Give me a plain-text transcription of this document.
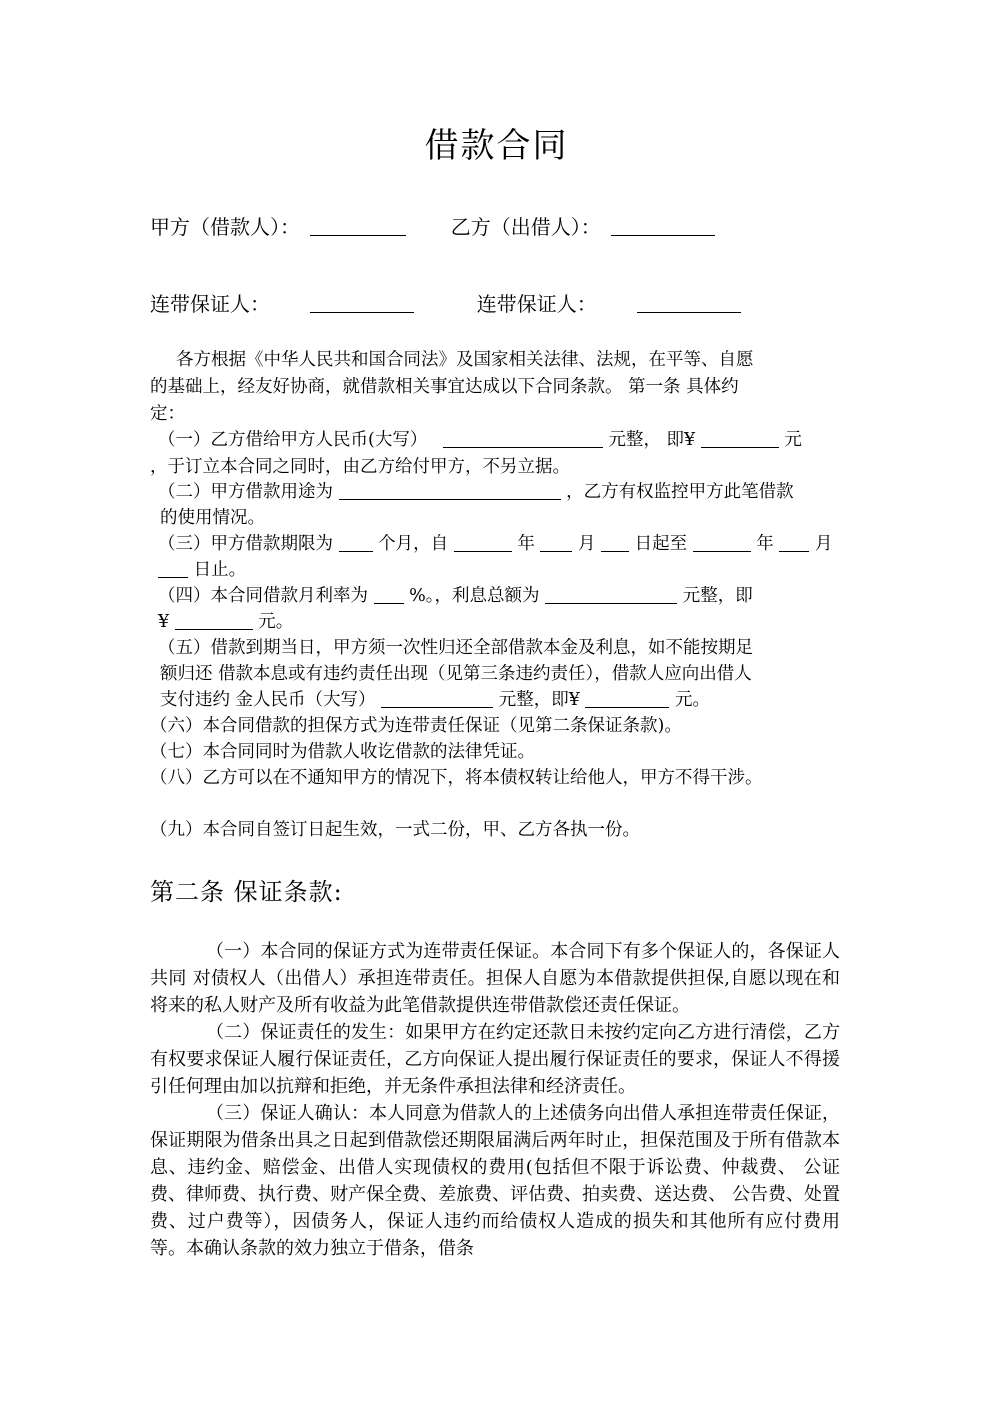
借款合同
甲方（借款人）：	乙方（出借人）：
连带保证人：	连带保证人：
各方根据《中华人民共和国合同法》及国家相关法律、法规，在平等、自愿
的基础上，经友好协商，就借款相关事宜达成以下合同条款。 第一条 具体约
定：
（一）乙方借给甲方人民币(大写）	元整， 即¥	元
，于订立本合同之同时，由乙方给付甲方，不另立据。
（二）甲方借款用途为	，乙方有权监控甲方此笔借款
的使用情况。
（三）甲方借款期限为	个月，自	年 月 日起至	年 月
日止。
（四）本合同借款月利率为 %。，利息总额为	元整，即
¥	元。
（五）借款到期当日，甲方须一次性归还全部借款本金及利息，如不能按期足
额归还 借款本息或有违约责任出现（见第三条违约责任），借款人应向出借人
支付违约 金人民币（大写）	元整，即¥	元。
（六）本合同借款的担保方式为连带责任保证（见第二条保证条款)。
（七）本合同同时为借款人收讫借款的法律凭证。
（八）乙方可以在不通知甲方的情况下，将本债权转让给他人，甲方不得干涉。
（九）本合同自签订日起生效，一式二份，甲、乙方各执一份。
第二条 保证条款:

（一）本合同的保证方式为连带责任保证。本合同下有多个保证人的，各保证人共同 对债权人（出借人）承担连带责任。担保人自愿为本借款提供担保,自愿以现在和将来的私人财产及所有收益为此笔借款提供连带借款偿还责任保证。

（二）保证责任的发生：如果甲方在约定还款日未按约定向乙方进行清偿，乙方有权要求保证人履行保证责任，乙方向保证人提出履行保证责任的要求，保证人不得援引任何理由加以抗辩和拒绝，并无条件承担法律和经济责任。

（三）保证人确认：本人同意为借款人的上述债务向出借人承担连带责任保证，保证期限为借条出具之日起到借款偿还期限届满后两年时止，担保范围及于所有借款本息、违约金、赔偿金、出借人实现债权的费用(包括但不限于诉讼费、仲裁费、 公证费、律师费、执行费、财产保全费、差旅费、评估费、拍卖费、送达费、 公告费、处置费、过户费等），因债务人，保证人违约而给债权人造成的损失和其他所有应付费用等。本确认条款的效力独立于借条，借条
